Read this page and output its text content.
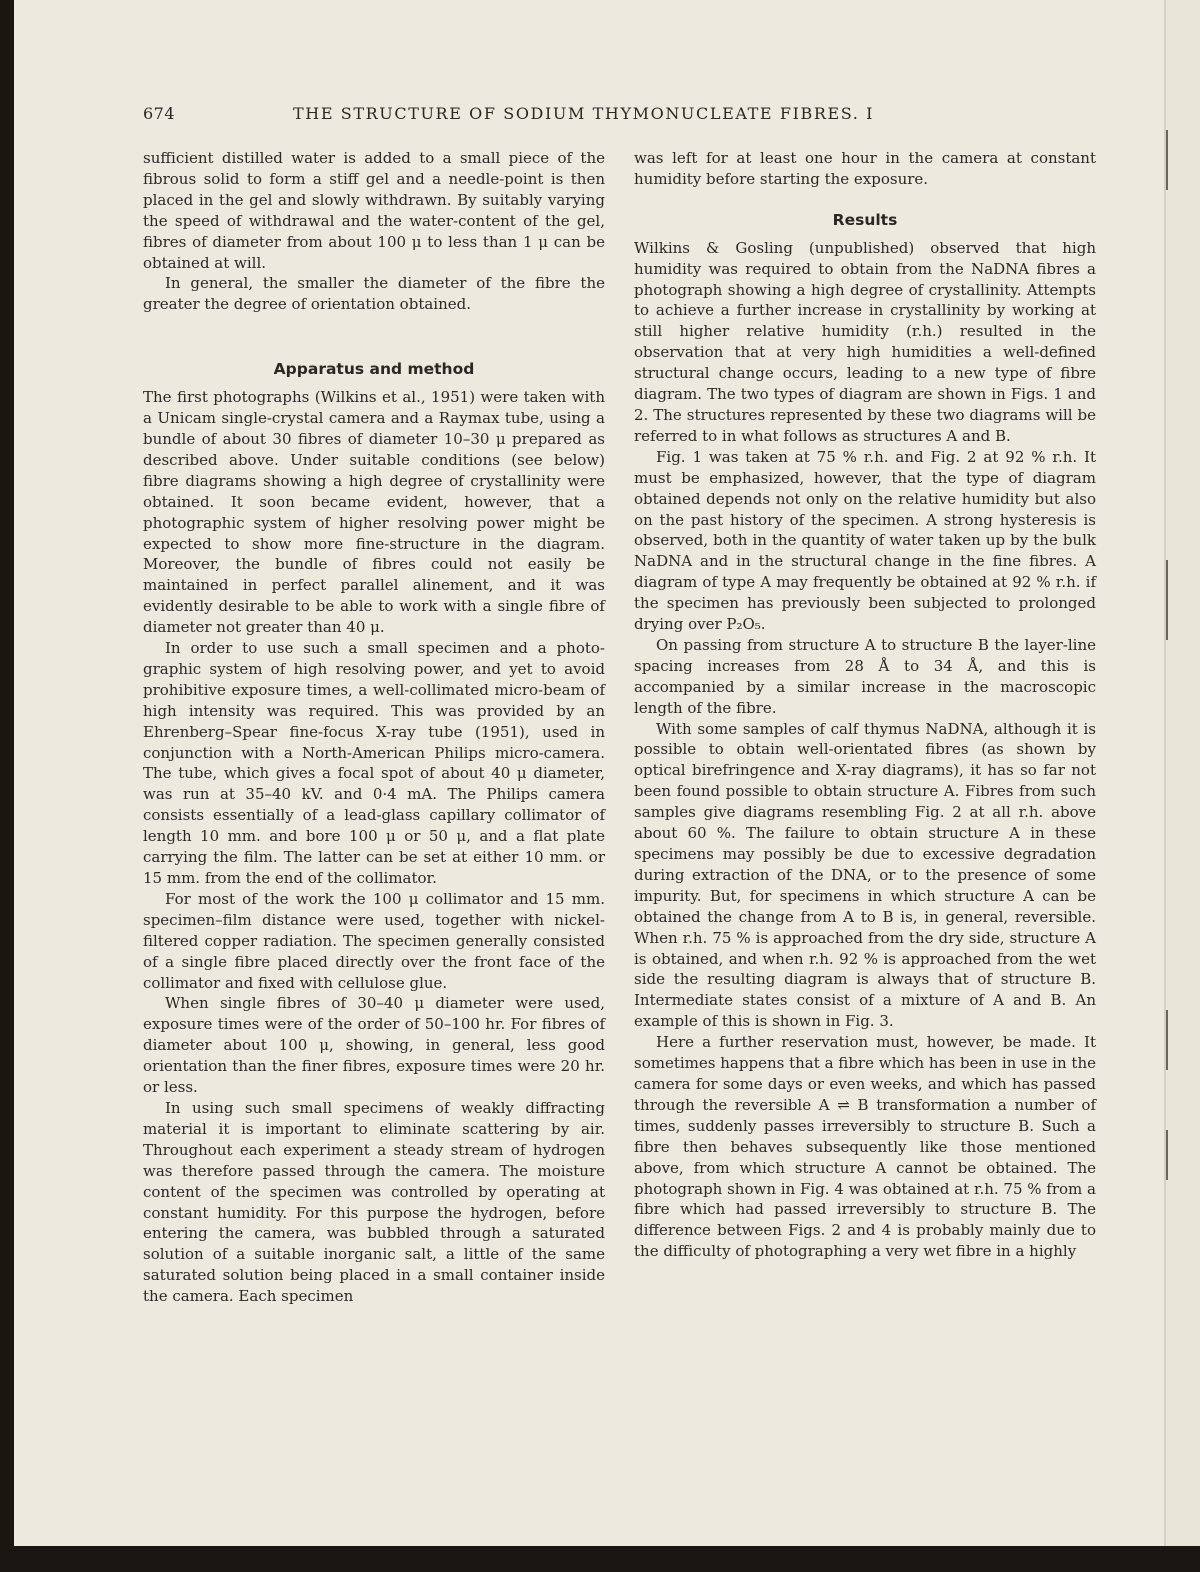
674	THE STRUCTURE OF SODIUM THYMONUCLEATE FIBRES. I

sufficient distilled water is added to a small piece of the fibrous solid to form a stiff gel and a needle-point is then placed in the gel and slowly withdrawn. By suitably varying the speed of withdrawal and the water-content of the gel, fibres of diameter from about 100 μ to less than 1 μ can be obtained at will.

In general, the smaller the diameter of the fibre the greater the degree of orientation obtained.

Apparatus and method

The first photographs (Wilkins et al., 1951) were taken with a Unicam single-crystal camera and a Raymax tube, using a bundle of about 30 fibres of diameter 10–30 μ prepared as described above. Under suitable conditions (see below) fibre diagrams showing a high degree of crystallinity were obtained. It soon became evident, however, that a photographic system of higher resolving power might be expected to show more fine-structure in the diagram. Moreover, the bundle of fibres could not easily be maintained in perfect parallel alinement, and it was evidently desirable to be able to work with a single fibre of diameter not greater than 40 μ.

In order to use such a small specimen and a photographic system of high resolving power, and yet to avoid prohibitive exposure times, a well-collimated micro-beam of high intensity was required. This was provided by an Ehrenberg–Spear fine-focus X-ray tube (1951), used in conjunction with a North-American Philips micro-camera. The tube, which gives a focal spot of about 40 μ diameter, was run at 35–40 kV. and 0·4 mA. The Philips camera consists essentially of a lead-glass capillary collimator of length 10 mm. and bore 100 μ or 50 μ, and a flat plate carrying the film. The latter can be set at either 10 mm. or 15 mm. from the end of the collimator.

For most of the work the 100 μ collimator and 15 mm. specimen–film distance were used, together with nickel-filtered copper radiation. The specimen generally consisted of a single fibre placed directly over the front face of the collimator and fixed with cellulose glue.

When single fibres of 30–40 μ diameter were used, exposure times were of the order of 50–100 hr. For fibres of diameter about 100 μ, showing, in general, less good orientation than the finer fibres, exposure times were 20 hr. or less.

In using such small specimens of weakly diffracting material it is important to eliminate scattering by air. Throughout each experiment a steady stream of hydrogen was therefore passed through the camera. The moisture content of the specimen was controlled by operating at constant humidity. For this purpose the hydrogen, before entering the camera, was bubbled through a saturated solution of a suitable inorganic salt, a little of the same saturated solution being placed in a small container inside the camera. Each specimen

was left for at least one hour in the camera at constant humidity before starting the exposure.

Results

Wilkins & Gosling (unpublished) observed that high humidity was required to obtain from the NaDNA fibres a photograph showing a high degree of crystallinity. Attempts to achieve a further increase in crystallinity by working at still higher relative humidity (r.h.) resulted in the observation that at very high humidities a well-defined structural change occurs, leading to a new type of fibre diagram. The two types of diagram are shown in Figs. 1 and 2. The structures represented by these two diagrams will be referred to in what follows as structures A and B.

Fig. 1 was taken at 75 % r.h. and Fig. 2 at 92 % r.h. It must be emphasized, however, that the type of diagram obtained depends not only on the relative humidity but also on the past history of the specimen. A strong hysteresis is observed, both in the quantity of water taken up by the bulk NaDNA and in the structural change in the fine fibres. A diagram of type A may frequently be obtained at 92 % r.h. if the specimen has previously been subjected to prolonged drying over P₂O₅.

On passing from structure A to structure B the layer-line spacing increases from 28 Å to 34 Å, and this is accompanied by a similar increase in the macroscopic length of the fibre.

With some samples of calf thymus NaDNA, although it is possible to obtain well-orientated fibres (as shown by optical birefringence and X-ray diagrams), it has so far not been found possible to obtain structure A. Fibres from such samples give diagrams resembling Fig. 2 at all r.h. above about 60 %. The failure to obtain structure A in these specimens may possibly be due to excessive degradation during extraction of the DNA, or to the presence of some impurity. But, for specimens in which structure A can be obtained the change from A to B is, in general, reversible. When r.h. 75 % is approached from the dry side, structure A is obtained, and when r.h. 92 % is approached from the wet side the resulting diagram is always that of structure B. Intermediate states consist of a mixture of A and B. An example of this is shown in Fig. 3.

Here a further reservation must, however, be made. It sometimes happens that a fibre which has been in use in the camera for some days or even weeks, and which has passed through the reversible A ⇌ B transformation a number of times, suddenly passes irreversibly to structure B. Such a fibre then behaves subsequently like those mentioned above, from which structure A cannot be obtained. The photograph shown in Fig. 4 was obtained at r.h. 75 % from a fibre which had passed irreversibly to structure B. The difference between Figs. 2 and 4 is probably mainly due to the difficulty of photographing a very wet fibre in a highly
